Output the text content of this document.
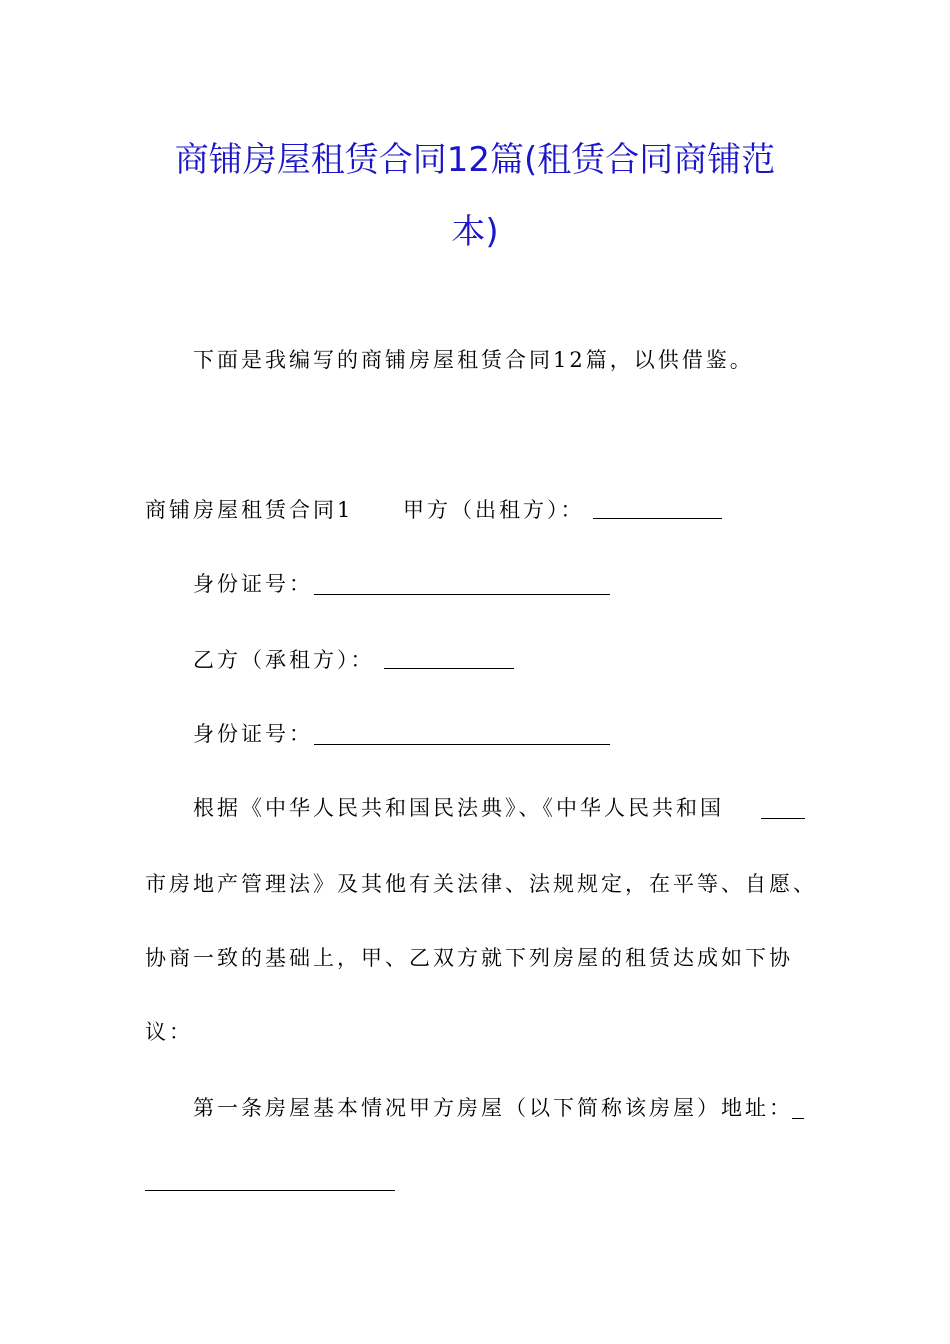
商铺房屋租赁合同12篇(租赁合同商铺范
本)
下面是我编写的商铺房屋租赁合同12篇，以供借鉴。
商铺房屋租赁合同1 甲方（出租方）：
身份证号：
乙方（承租方）：
身份证号：
根据《中华人民共和国民法典》、《中华人民共和国
市房地产管理法》及其他有关法律、法规规定，在平等、自愿、
协商一致的基础上，甲、乙双方就下列房屋的租赁达成如下协
议：
第一条房屋基本情况甲方房屋（以下简称该房屋）地址：
